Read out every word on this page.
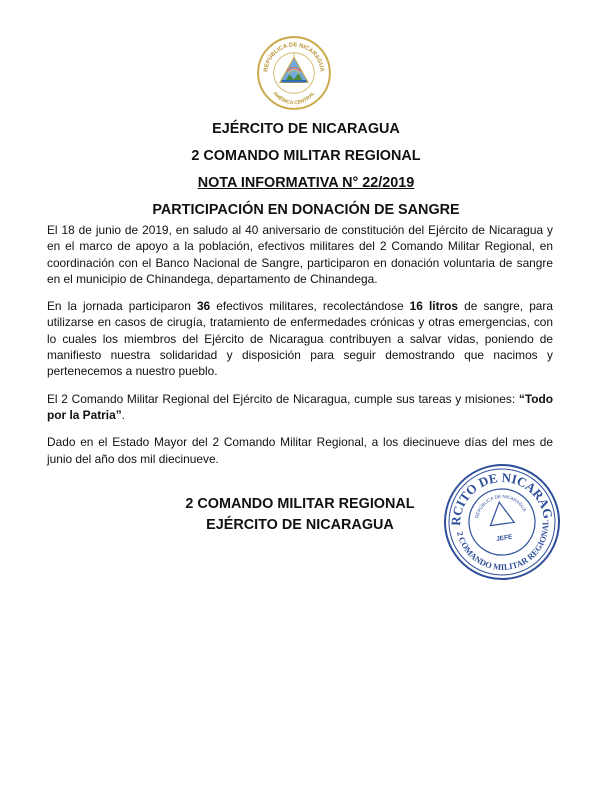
REPÚBLICA DE NICARAGUA
AMÉRICA CENTRAL
EJÉRCITO DE NICARAGUA
2 COMANDO MILITAR REGIONAL
NOTA INFORMATIVA N° 22/2019
PARTICIPACIÓN EN DONACIÓN DE SANGRE

El 18 de junio de 2019, en saludo al 40 aniversario de constitución del Ejército de Nicaragua y en el marco de apoyo a la población, efectivos militares del 2 Comando Militar Regional, en coordinación con el Banco Nacional de Sangre, participaron en donación voluntaria de sangre en el municipio de Chinandega, departamento de Chinandega.

En la jornada participaron 36 efectivos militares, recolectándose 16 litros de sangre, para utilizarse en casos de cirugía, tratamiento de enfermedades crónicas y otras emergencias, con lo cuales los miembros del Ejército de Nicaragua contribuyen a salvar vidas, poniendo de manifiesto nuestra solidaridad y disposición para seguir demostrando que nacimos y pertenecemos a nuestro pueblo.

El 2 Comando Militar Regional del Ejército de Nicaragua, cumple sus tareas y misiones: “Todo por la Patria”.

Dado en el Estado Mayor del 2 Comando Militar Regional, a los diecinueve días del mes de junio del año dos mil diecinueve.

2 COMANDO MILITAR REGIONAL
EJÉRCITO DE NICARAGUA
EJÉRCITO DE NICARAGUA
2 COMANDO MILITAR REGIONAL
REPÚBLICA DE NICARAGUA
JEFE
